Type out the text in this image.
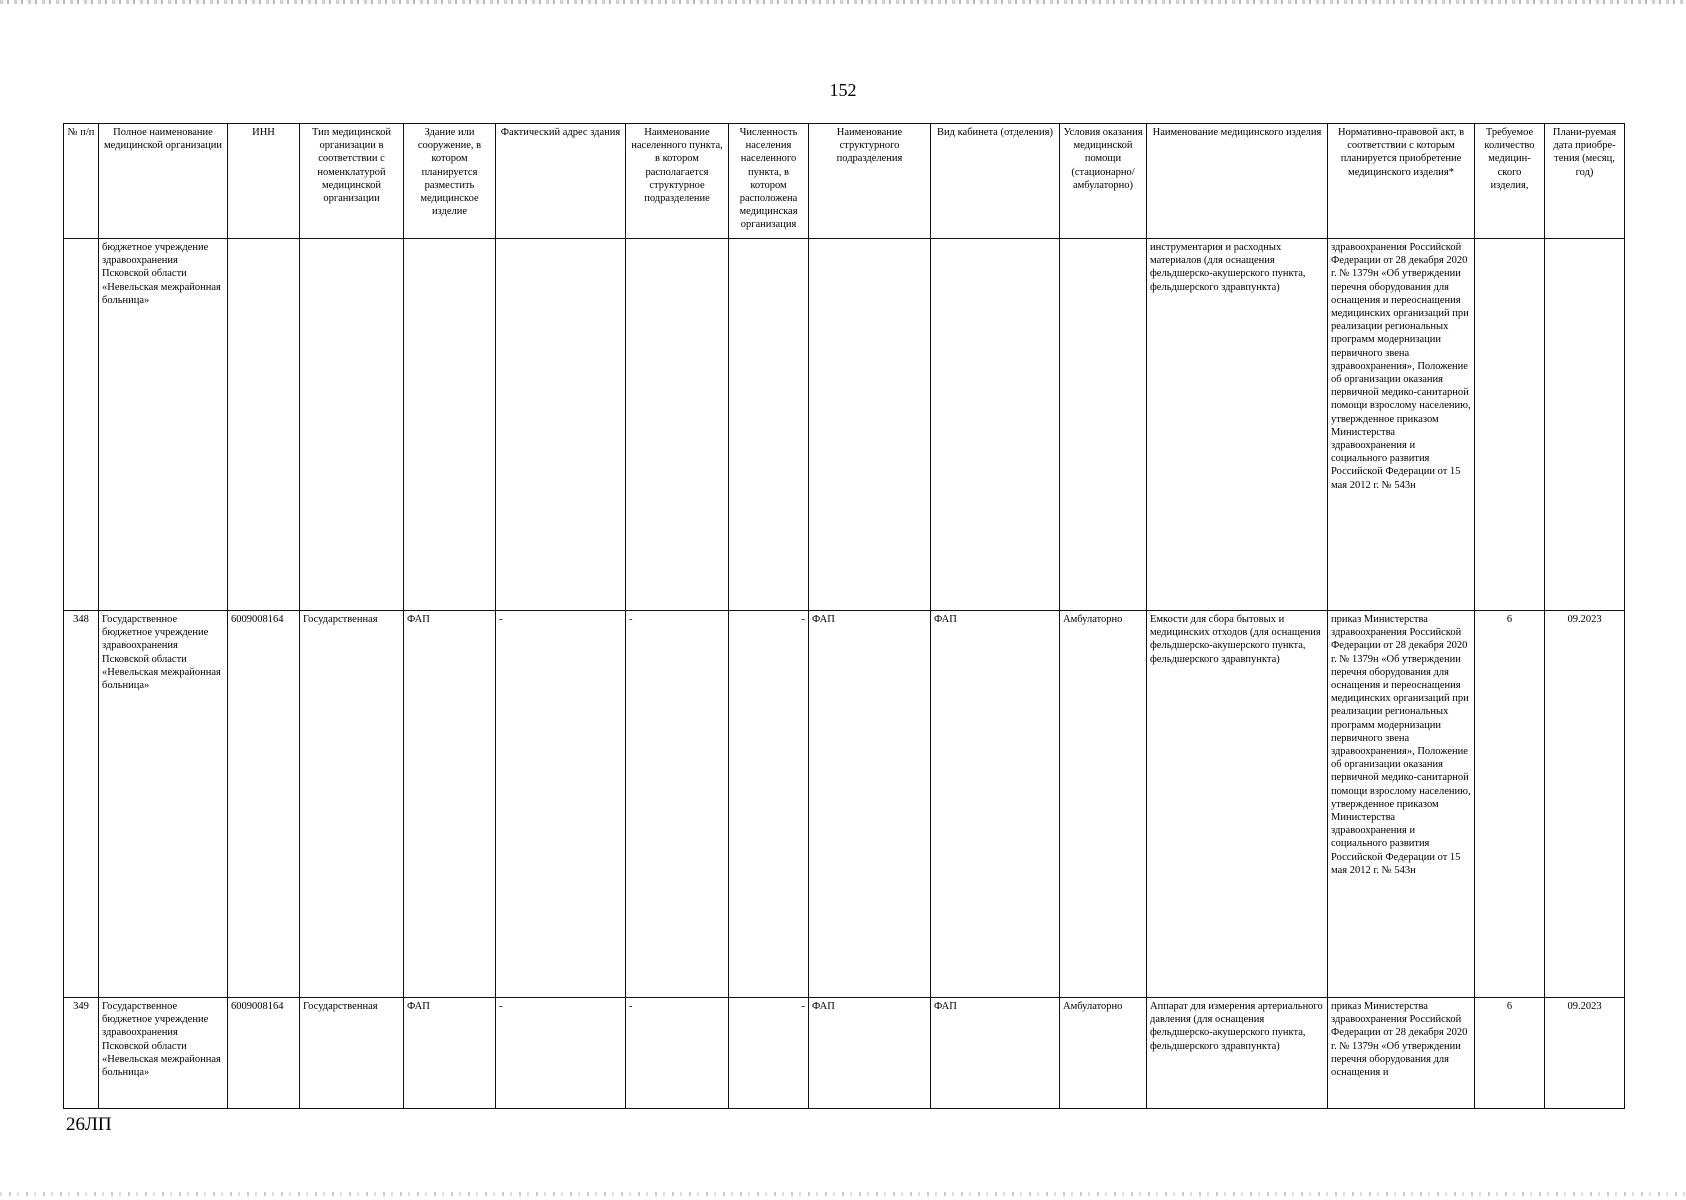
152
№ п/п	Полное наименование медицинской организации	ИНН	Тип медицинской организации в соответствии с номенклатурой медицинской организации	Здание или сооружение, в котором планируется разместить медицинское изделие	Фактический адрес здания	Наименование населенного пункта, в котором располагается структурное подразделение	Численность населения населенного пункта, в котором расположена медицинская организация	Наименование структурного подразделения	Вид кабинета (отделения)	Условия оказания медицинской помощи (стационарно/ амбулаторно)	Наименование медицинского изделия	Нормативно-правовой акт, в соответствии с которым планируется приобретение медицинского изделия*	Требуемое количество медицин-ского изделия,	Плани-руемая дата приобре-тения (месяц, год)
	бюджетное учреждение здравоохранения Псковской области «Невельская межрайонная больница»										инструментария и расходных материалов (для оснащения фельдшерско-акушерского пункта, фельдшерского здравпункта)	здравоохранения Российской Федерации от 28 декабря 2020 г. № 1379н «Об утверждении перечня оборудования для оснащения и переоснащения медицинских организаций при реализации региональных программ модернизации первичного звена здравоохранения», Положение об организации оказания первичной медико-санитарной помощи взрослому населению, утвержденное приказом Министерства здравоохранения и социального развития Российской Федерации от 15 мая 2012 г. № 543н		
348	Государственное бюджетное учреждение здравоохранения Псковской области «Невельская межрайонная больница»	6009008164	Государственная	ФАП	-	-	-	ФАП	ФАП	Амбулаторно	Емкости для сбора бытовых и медицинских отходов (для оснащения фельдшерско-акушерского пункта, фельдшерского здравпункта)	приказ Министерства здравоохранения Российской Федерации от 28 декабря 2020 г. № 1379н «Об утверждении перечня оборудования для оснащения и переоснащения медицинских организаций при реализации региональных программ модернизации первичного звена здравоохранения», Положение об организации оказания первичной медико-санитарной помощи взрослому населению, утвержденное приказом Министерства здравоохранения и социального развития Российской Федерации от 15 мая 2012 г. № 543н	6	09.2023
349	Государственное бюджетное учреждение здравоохранения Псковской области «Невельская межрайонная больница»	6009008164	Государственная	ФАП	-	-	-	ФАП	ФАП	Амбулаторно	Аппарат для измерения артериального давления (для оснащения фельдшерско-акушерского пункта, фельдшерского здравпункта)	приказ Министерства здравоохранения Российской Федерации от 28 декабря 2020 г. № 1379н «Об утверждении перечня оборудования для оснащения и	6	09.2023
26ЛП
